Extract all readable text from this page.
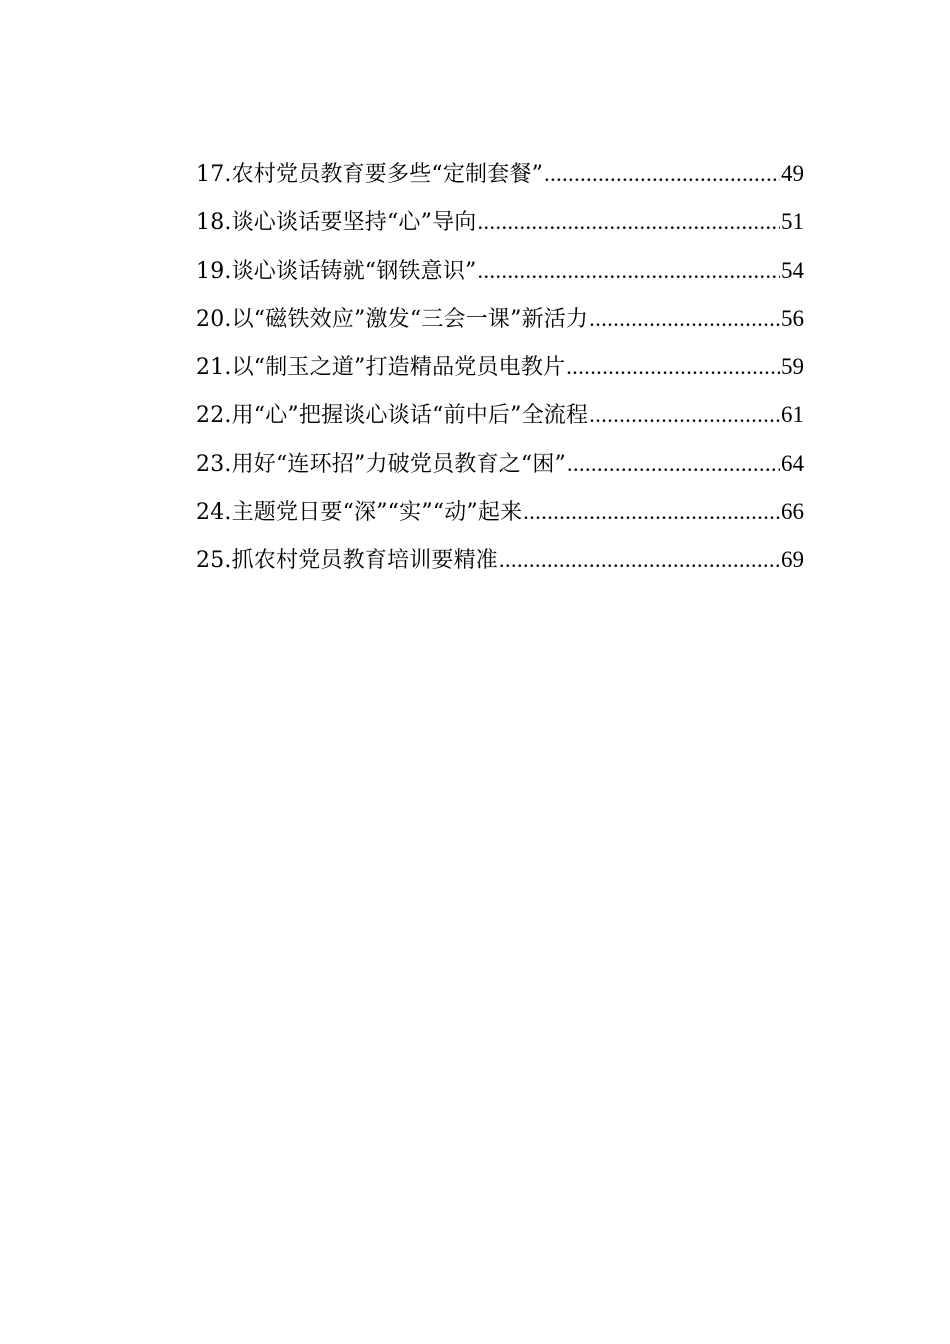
17.农村党员教育要多些“定制套餐” .....	49
18.谈心谈话要坚持“心”导向 .....	51
19.谈心谈话铸就“钢铁意识” .....	54
20.以“磁铁效应”激发“三会一课”新活力 .....	56
21.以“制玉之道”打造精品党员电教片 .....	59
22.用“心”把握谈心谈话“前中后”全流程 .....	61
23.用好“连环招”力破党员教育之“困” .....	64
24.主题党日要“深”“实”“动”起来 .....	66
25.抓农村党员教育培训要精准 .....	69
